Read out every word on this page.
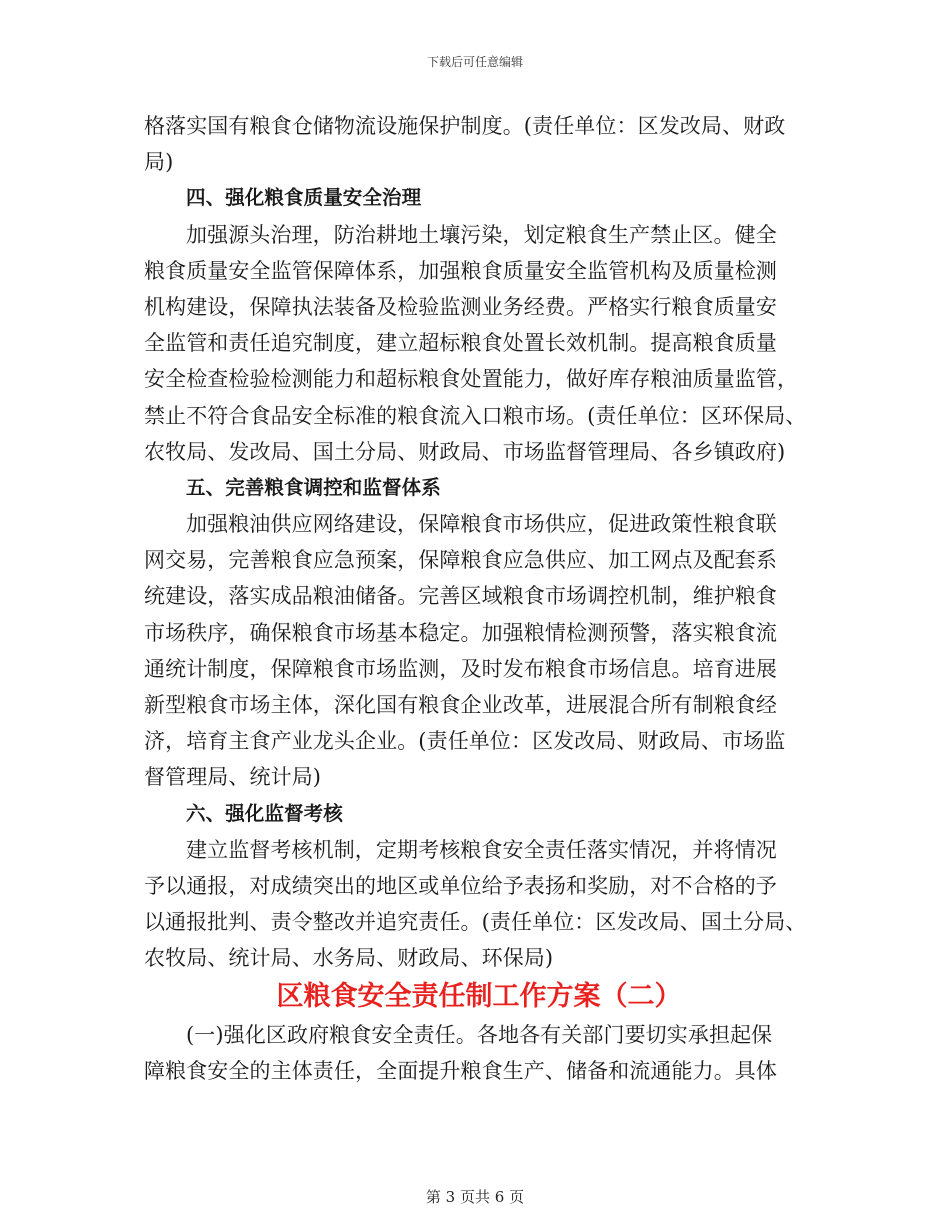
下载后可任意编辑
格落实国有粮食仓储物流设施保护制度。(责任单位：区发改局、财政
局)
四、强化粮食质量安全治理
加强源头治理，防治耕地土壤污染，划定粮食生产禁止区。健全
粮食质量安全监管保障体系，加强粮食质量安全监管机构及质量检测
机构建设，保障执法装备及检验监测业务经费。严格实行粮食质量安
全监管和责任追究制度，建立超标粮食处置长效机制。提高粮食质量
安全检查检验检测能力和超标粮食处置能力，做好库存粮油质量监管，
禁止不符合食品安全标准的粮食流入口粮市场。(责任单位：区环保局、
农牧局、发改局、国土分局、财政局、市场监督管理局、各乡镇政府)
五、完善粮食调控和监督体系
加强粮油供应网络建设，保障粮食市场供应，促进政策性粮食联
网交易，完善粮食应急预案，保障粮食应急供应、加工网点及配套系
统建设，落实成品粮油储备。完善区域粮食市场调控机制，维护粮食
市场秩序，确保粮食市场基本稳定。加强粮情检测预警，落实粮食流
通统计制度，保障粮食市场监测，及时发布粮食市场信息。培育进展
新型粮食市场主体，深化国有粮食企业改革，进展混合所有制粮食经
济，培育主食产业龙头企业。(责任单位：区发改局、财政局、市场监
督管理局、统计局)
六、强化监督考核
建立监督考核机制，定期考核粮食安全责任落实情况，并将情况
予以通报，对成绩突出的地区或单位给予表扬和奖励，对不合格的予
以通报批判、责令整改并追究责任。(责任单位：区发改局、国土分局、
农牧局、统计局、水务局、财政局、环保局)
区粮食安全责任制工作方案（二）
(一)强化区政府粮食安全责任。各地各有关部门要切实承担起保
障粮食安全的主体责任，全面提升粮食生产、储备和流通能力。具体
第 3 页共 6 页
